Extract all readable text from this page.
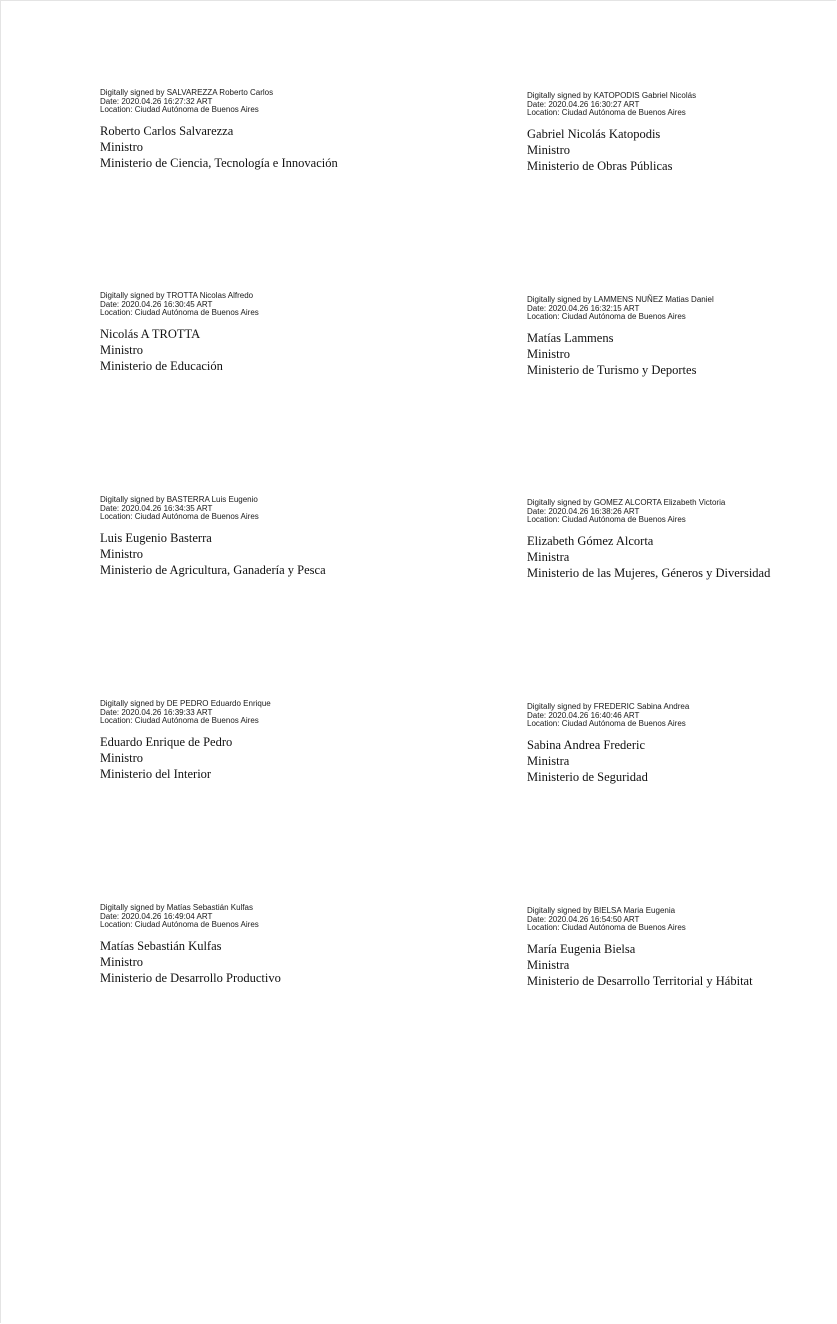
Digitally signed by SALVAREZZA Roberto Carlos
Date: 2020.04.26 16:27:32 ART
Location: Ciudad Autónoma de Buenos Aires
Roberto Carlos Salvarezza
Ministro
Ministerio de Ciencia, Tecnología e Innovación
Digitally signed by KATOPODIS Gabriel Nicolás
Date: 2020.04.26 16:30:27 ART
Location: Ciudad Autónoma de Buenos Aires
Gabriel Nicolás Katopodis
Ministro
Ministerio de Obras Públicas
Digitally signed by TROTTA Nicolas Alfredo
Date: 2020.04.26 16:30:45 ART
Location: Ciudad Autónoma de Buenos Aires
Nicolás A TROTTA
Ministro
Ministerio de Educación
Digitally signed by LAMMENS NUÑEZ Matias Daniel
Date: 2020.04.26 16:32:15 ART
Location: Ciudad Autónoma de Buenos Aires
Matías Lammens
Ministro
Ministerio de Turismo y Deportes
Digitally signed by BASTERRA Luis Eugenio
Date: 2020.04.26 16:34:35 ART
Location: Ciudad Autónoma de Buenos Aires
Luis Eugenio Basterra
Ministro
Ministerio de Agricultura, Ganadería y Pesca
Digitally signed by GOMEZ ALCORTA Elizabeth Victoria
Date: 2020.04.26 16:38:26 ART
Location: Ciudad Autónoma de Buenos Aires
Elizabeth Gómez Alcorta
Ministra
Ministerio de las Mujeres, Géneros y Diversidad
Digitally signed by DE PEDRO Eduardo Enrique
Date: 2020.04.26 16:39:33 ART
Location: Ciudad Autónoma de Buenos Aires
Eduardo Enrique de Pedro
Ministro
Ministerio del Interior
Digitally signed by FREDERIC Sabina Andrea
Date: 2020.04.26 16:40:46 ART
Location: Ciudad Autónoma de Buenos Aires
Sabina Andrea Frederic
Ministra
Ministerio de Seguridad
Digitally signed by Matías Sebastián Kulfas
Date: 2020.04.26 16:49:04 ART
Location: Ciudad Autónoma de Buenos Aires
Matías Sebastián Kulfas
Ministro
Ministerio de Desarrollo Productivo
Digitally signed by BIELSA Maria Eugenia
Date: 2020.04.26 16:54:50 ART
Location: Ciudad Autónoma de Buenos Aires
María Eugenia Bielsa
Ministra
Ministerio de Desarrollo Territorial y Hábitat
